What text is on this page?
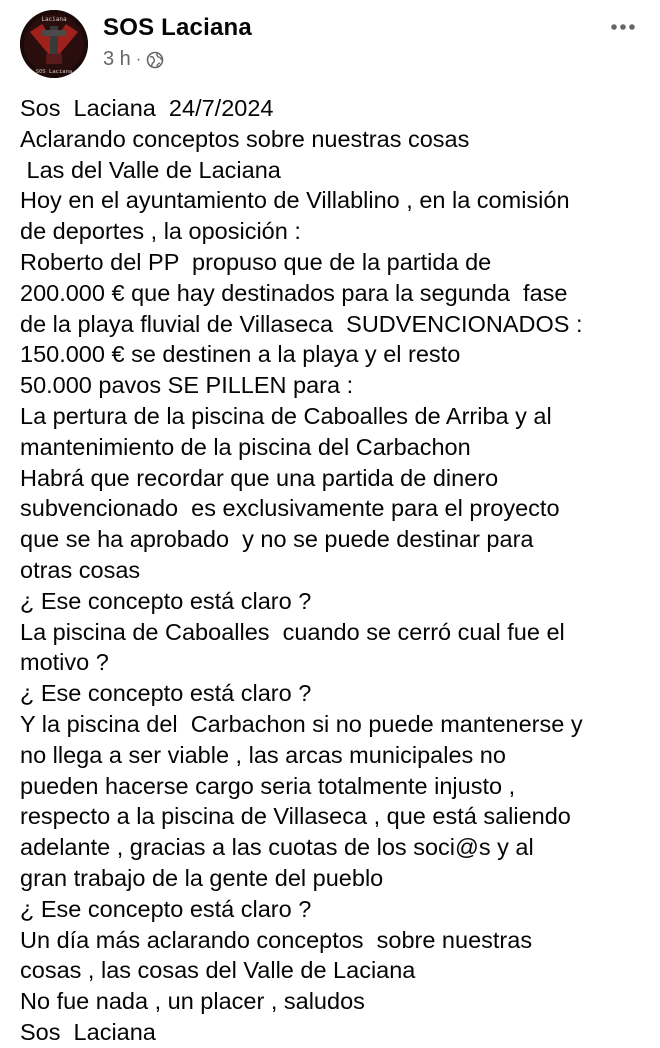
Laciana
SOS Laciana
SOS Laciana
3 h ·
Sos  Laciana  24/7/2024
Aclarando conceptos sobre nuestras cosas
Las del Valle de Laciana
Hoy en el ayuntamiento de Villablino , en la comisión
de deportes , la oposición :
Roberto del PP  propuso que de la partida de
200.000 € que hay destinados para la segunda  fase
de la playa fluvial de Villaseca  SUDVENCIONADOS :
150.000 € se destinen a la playa y el resto
50.000 pavos SE PILLEN para :
La pertura de la piscina de Caboalles de Arriba y al
mantenimiento de la piscina del Carbachon
Habrá que recordar que una partida de dinero
subvencionado  es exclusivamente para el proyecto
que se ha aprobado  y no se puede destinar para
otras cosas
¿ Ese concepto está claro ?
La piscina de Caboalles  cuando se cerró cual fue el
motivo ?
¿ Ese concepto está claro ?
Y la piscina del  Carbachon si no puede mantenerse y
no llega a ser viable , las arcas municipales no
pueden hacerse cargo seria totalmente injusto ,
respecto a la piscina de Villaseca , que está saliendo
adelante , gracias a las cuotas de los soci@s y al
gran trabajo de la gente del pueblo
¿ Ese concepto está claro ?
Un día más aclarando conceptos  sobre nuestras
cosas , las cosas del Valle de Laciana
No fue nada , un placer , saludos
Sos  Laciana
